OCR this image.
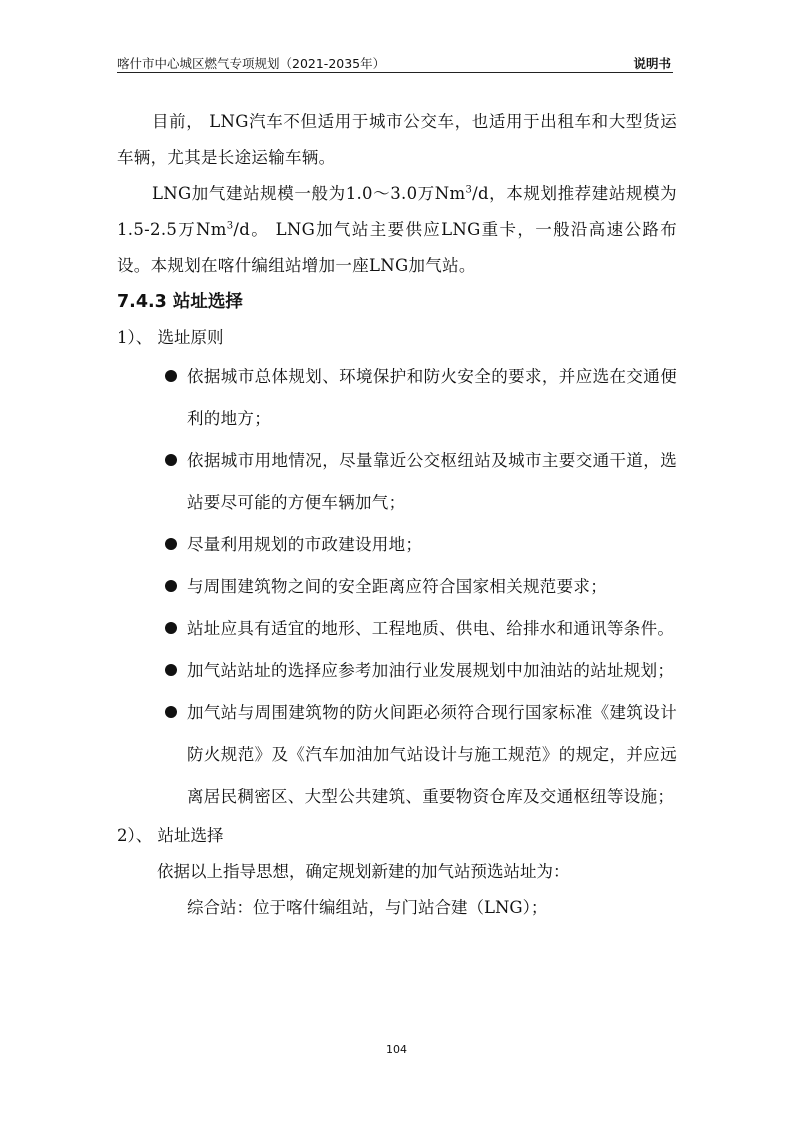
喀什市中心城区燃气专项规划（2021-2035年）	说明书

目前， LNG汽车不但适用于城市公交车，也适用于出租车和大型货运车辆，尤其是长途运输车辆。

LNG加气建站规模一般为1.0～3.0万Nm$^3$/d，本规划推荐建站规模为1.5-2.5万Nm$^3$/d。 LNG加气站主要供应LNG重卡，一般沿高速公路布设。本规划在喀什编组站增加一座LNG加气站。

7.4.3 站址选择

1）、 选址原则

依据城市总体规划、环境保护和防火安全的要求，并应选在交通便利的地方；
依据城市用地情况，尽量靠近公交枢纽站及城市主要交通干道，选站要尽可能的方便车辆加气；
尽量利用规划的市政建设用地；
与周围建筑物之间的安全距离应符合国家相关规范要求；
站址应具有适宜的地形、工程地质、供电、给排水和通讯等条件。
加气站站址的选择应参考加油行业发展规划中加油站的站址规划；
加气站与周围建筑物的防火间距必须符合现行国家标准《建筑设计防火规范》及《汽车加油加气站设计与施工规范》的规定，并应远离居民稠密区、大型公共建筑、重要物资仓库及交通枢纽等设施；

2）、 站址选择

依据以上指导思想，确定规划新建的加气站预选站址为：

综合站：位于喀什编组站，与门站合建（LNG）；

104
